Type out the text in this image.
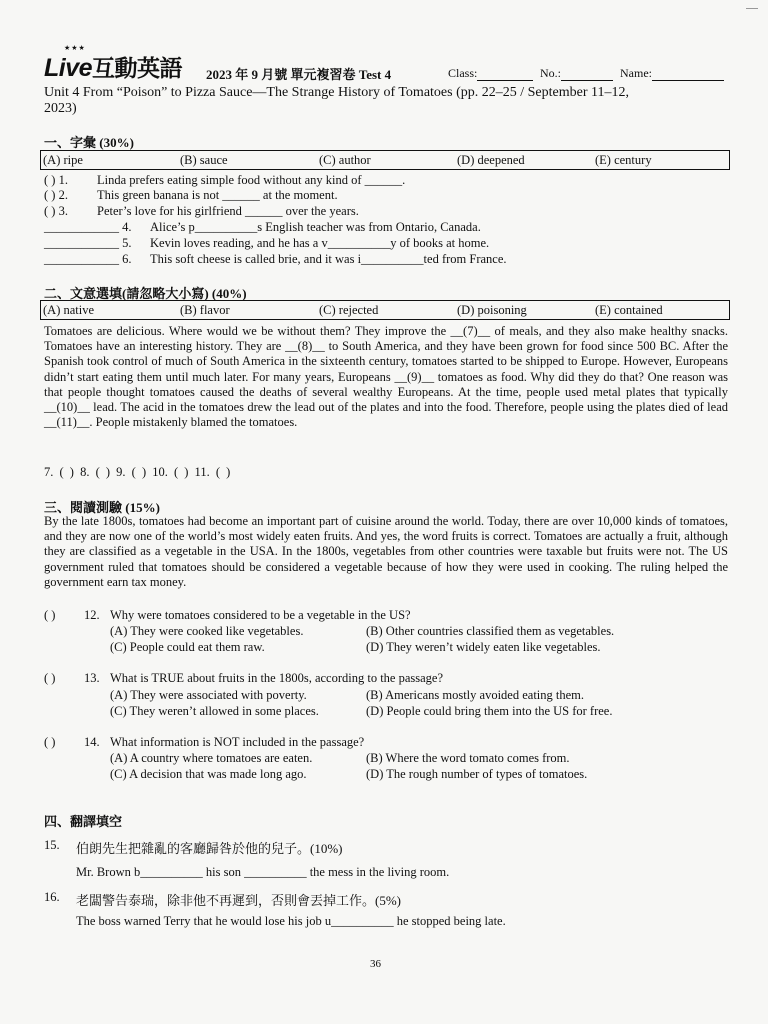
★★★
Live互動英語 2023 年 9 月號 單元複習卷 Test 4	Class:	No.:	Name:
Unit 4 From “Poison” to Pizza Sauce—The Strange History of Tomatoes (pp. 22–25 / September 11–12,
2023)
一、字彙 (30%)
(A) ripe	(B) sauce	(C) author	(D) deepened	(E) century
( ) 1. Linda prefers eating simple food without any kind of ______.
( ) 2. This green banana is not ______ at the moment.
( ) 3. Peter’s love for his girlfriend ______ over the years.
____________ 4. Alice’s p__________s English teacher was from Ontario, Canada.
____________ 5. Kevin loves reading, and he has a v__________y of books at home.
____________ 6. This soft cheese is called brie, and it was i__________ted from France.
二、文意選填(請忽略大小寫) (40%)
(A) native	(B) flavor	(C) rejected	(D) poisoning	(E) contained
Tomatoes are delicious. Where would we be without them? They improve the __(7)__ of meals, and they also make healthy snacks. Tomatoes have an interesting history. They are __(8)__ to South America, and they have been grown for food since 500 BC. After the Spanish took control of much of South America in the sixteenth century, tomatoes started to be shipped to Europe. However, Europeans didn’t start eating them until much later. For many years, Europeans __(9)__ tomatoes as food. Why did they do that? One reason was that people thought tomatoes caused the deaths of several wealthy Europeans. At the time, people used metal plates that typically __(10)__ lead. The acid in the tomatoes drew the lead out of the plates and into the food. Therefore, people using the plates died of lead __(11)__. People mistakenly blamed the tomatoes.
7. ( ) 8. ( ) 9. ( ) 10. ( ) 11. ( )
三、閱讀測驗 (15%)
By the late 1800s, tomatoes had become an important part of cuisine around the world. Today, there are over 10,000 kinds of tomatoes, and they are now one of the world’s most widely eaten fruits. And yes, the word fruits is correct. Tomatoes are actually a fruit, although they are classified as a vegetable in the USA. In the 1800s, vegetables from other countries were taxable but fruits were not. The US government ruled that tomatoes should be considered a vegetable because of how they were used in cooking. The ruling helped the government earn tax money.
( ) 12. Why were tomatoes considered to be a vegetable in the US?
(A) They were cooked like vegetables.	(B) Other countries classified them as vegetables.
(C) People could eat them raw.	(D) They weren’t widely eaten like vegetables.
( ) 13. What is TRUE about fruits in the 1800s, according to the passage?
(A) They were associated with poverty.	(B) Americans mostly avoided eating them.
(C) They weren’t allowed in some places.	(D) People could bring them into the US for free.
( ) 14. What information is NOT included in the passage?
(A) A country where tomatoes are eaten.	(B) Where the word tomato comes from.
(C) A decision that was made long ago.	(D) The rough number of types of tomatoes.
四、翻譯填空
15. 伯朗先生把雜亂的客廳歸咎於他的兒子。(10%)
Mr. Brown b__________ his son __________ the mess in the living room.
16. 老闆警告泰瑞，除非他不再遲到，否則會丟掉工作。(5%)
The boss warned Terry that he would lose his job u__________ he stopped being late.
36
